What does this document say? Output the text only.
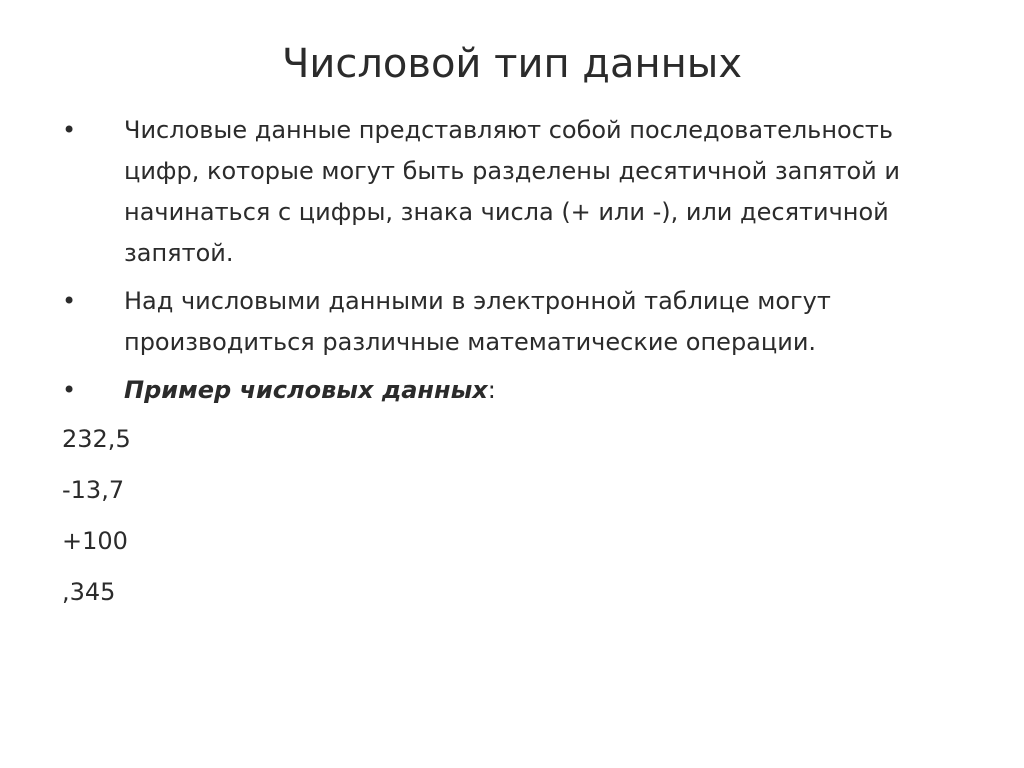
Числовой тип данных
• Числовые данные представляют собой последовательность цифр, которые могут быть разделены десятичной запятой и начинаться с цифры, знака числа (+ или -), или десятичной запятой.
• Над числовыми данными в электронной таблице могут производиться различные математические операции.
• Пример числовых данных:
232,5
-13,7
+100
,345
